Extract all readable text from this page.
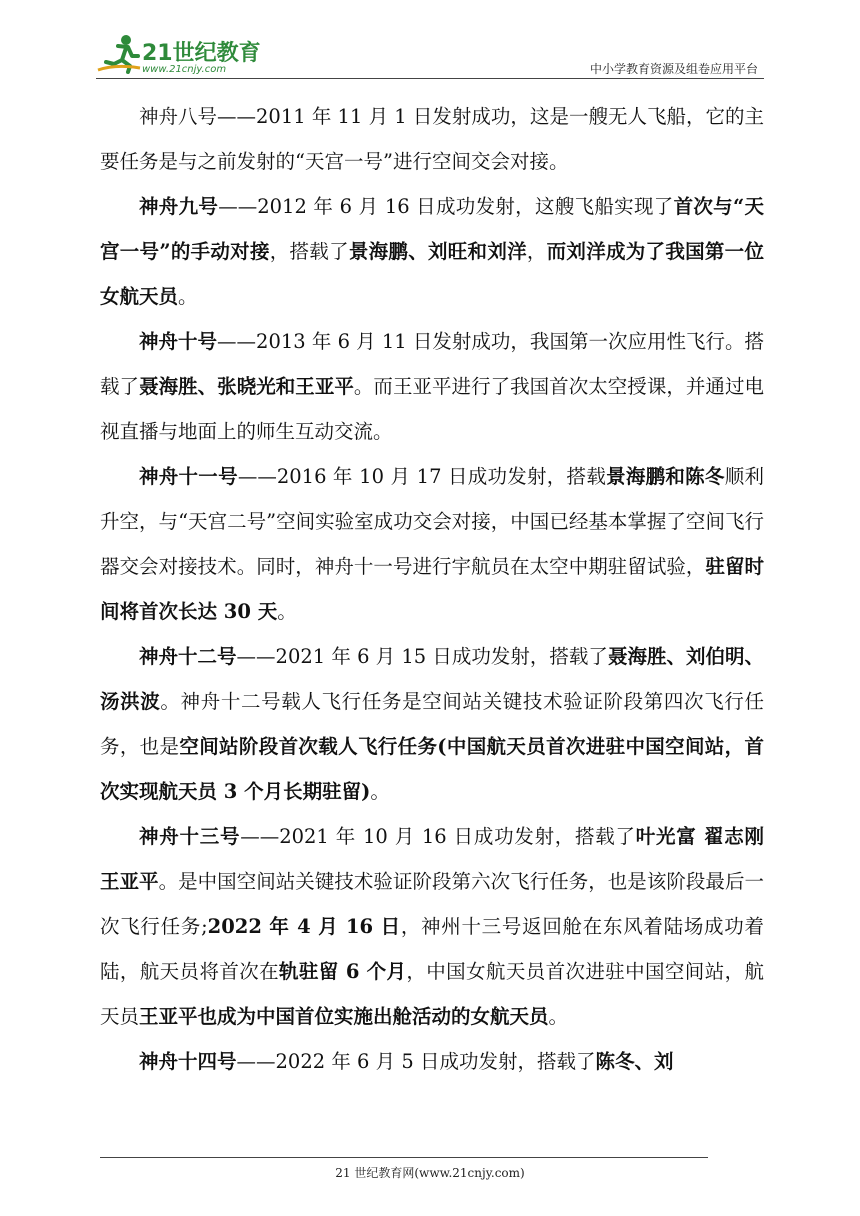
21世纪教育
www.21cnjy.com	中小学教育资源及组卷应用平台

神舟八号——2011 年 11 月 1 日发射成功，这是一艘无人飞船，它的主要任务是与之前发射的“天宫一号”进行空间交会对接。

神舟九号——2012 年 6 月 16 日成功发射，这艘飞船实现了首次与“天宫一号”的手动对接，搭载了景海鹏、刘旺和刘洋，而刘洋成为了我国第一位女航天员。

神舟十号——2013 年 6 月 11 日发射成功，我国第一次应用性飞行。搭载了聂海胜、张晓光和王亚平。而王亚平进行了我国首次太空授课，并通过电视直播与地面上的师生互动交流。

神舟十一号——2016 年 10 月 17 日成功发射，搭载景海鹏和陈冬顺利升空，与“天宫二号”空间实验室成功交会对接，中国已经基本掌握了空间飞行器交会对接技术。同时，神舟十一号进行宇航员在太空中期驻留试验，驻留时间将首次长达 30 天。

神舟十二号——2021 年 6 月 15 日成功发射，搭载了聂海胜、刘伯明、汤洪波。神舟十二号载人飞行任务是空间站关键技术验证阶段第四次飞行任务，也是空间站阶段首次载人飞行任务(中国航天员首次进驻中国空间站，首次实现航天员 3 个月长期驻留)。

神舟十三号——2021 年 10 月 16 日成功发射，搭载了叶光富 翟志刚 王亚平。是中国空间站关键技术验证阶段第六次飞行任务，也是该阶段最后一次飞行任务;2022 年 4 月 16 日，神州十三号返回舱在东风着陆场成功着陆，航天员将首次在轨驻留 6 个月，中国女航天员首次进驻中国空间站，航天员王亚平也成为中国首位实施出舱活动的女航天员。

神舟十四号——2022 年 6 月 5 日成功发射，搭载了陈冬、刘

21 世纪教育网(www.21cnjy.com)
